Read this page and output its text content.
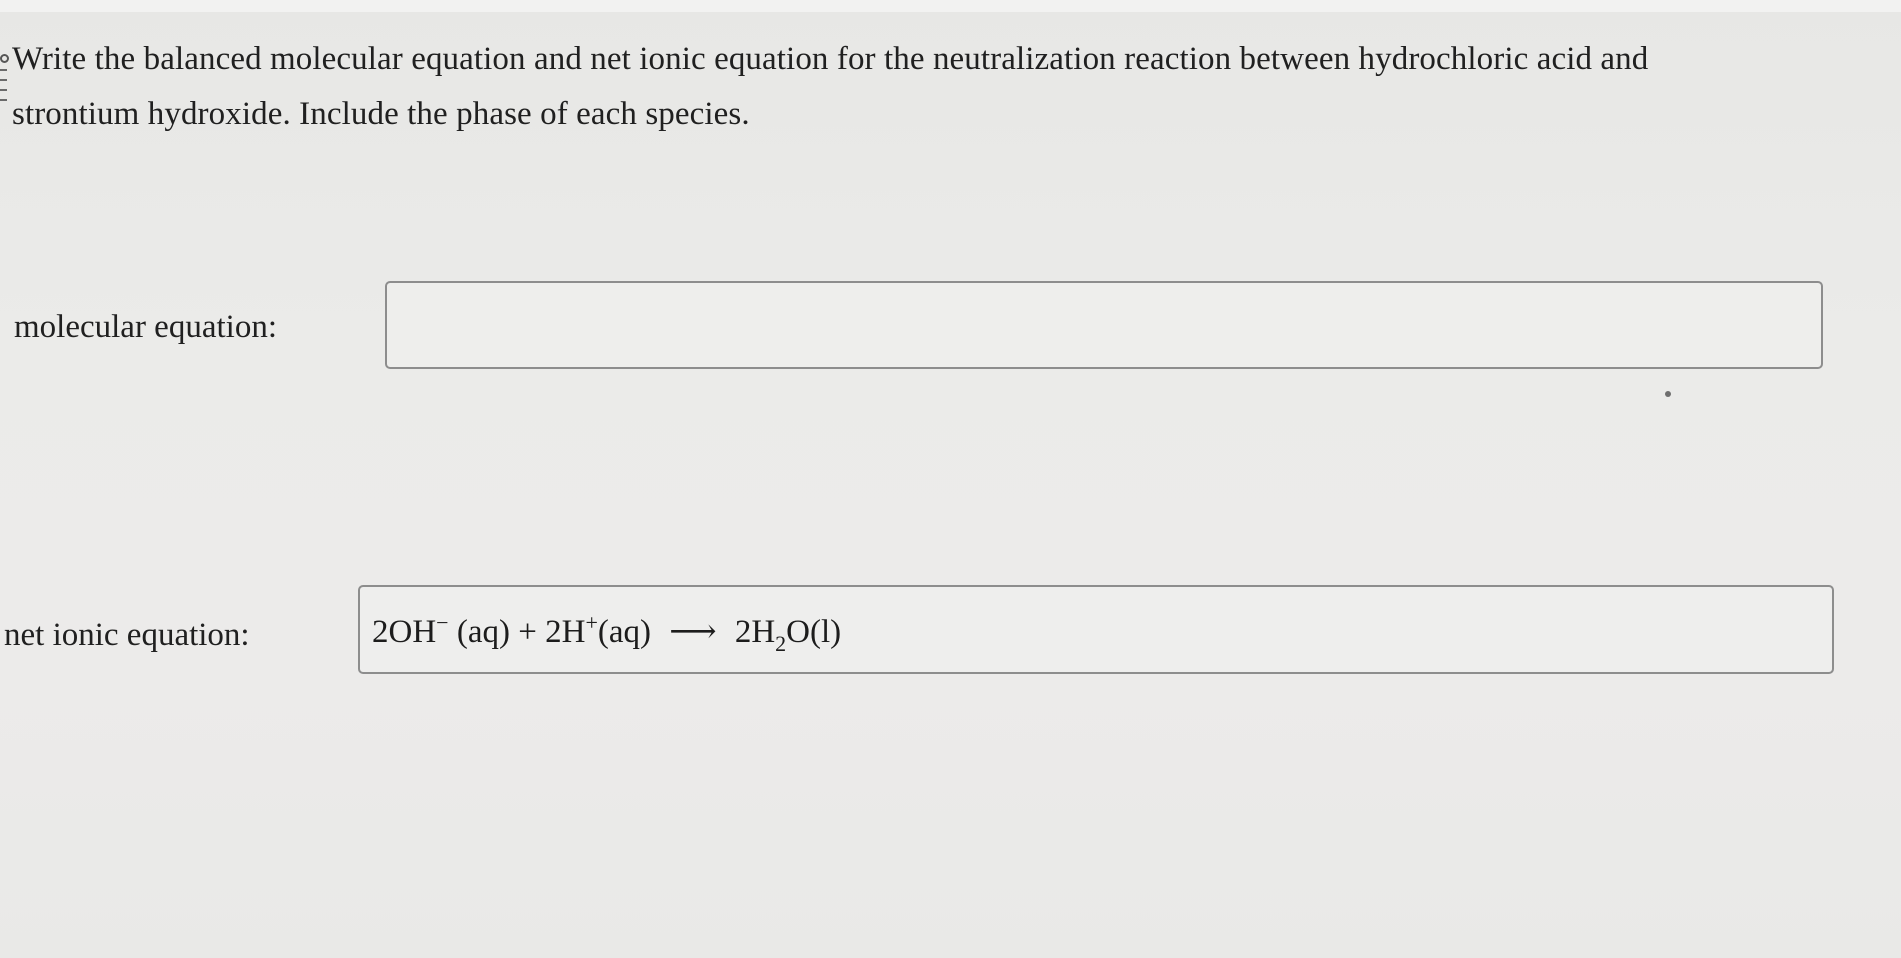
Write the balanced molecular equation and net ionic equation for the neutralization reaction between hydrochloric acid and
strontium hydroxide. Include the phase of each species.
molecular equation:
net ionic equation:	2OH− (aq) + 2H+(aq) ⟶ $2H_2O(l)$
